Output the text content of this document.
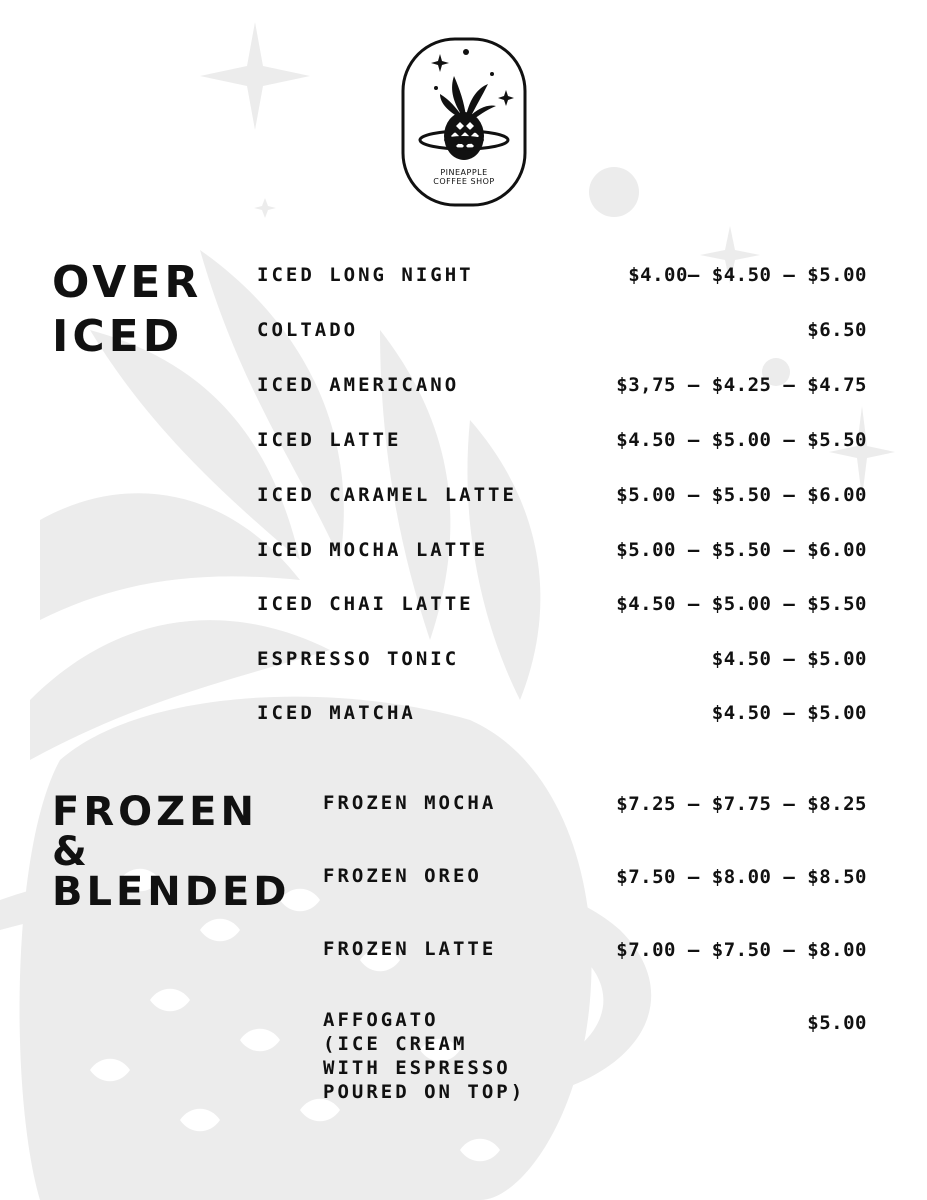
PINEAPPLE
COFFEE SHOP
OVER
ICED
ICED LONG NIGHT	$4.00– $4.50 – $5.00
COLTADO	$6.50
ICED AMERICANO	$3,75 – $4.25 – $4.75
ICED LATTE	$4.50 – $5.00 – $5.50
ICED CARAMEL LATTE	$5.00 – $5.50 – $6.00
ICED MOCHA LATTE	$5.00 – $5.50 – $6.00
ICED CHAI LATTE	$4.50 – $5.00 – $5.50
ESPRESSO TONIC	$4.50 – $5.00
ICED MATCHA	$4.50 – $5.00
FROZEN
&
BLENDED
FROZEN MOCHA	$7.25 – $7.75 – $8.25
FROZEN OREO	$7.50 – $8.00 – $8.50
FROZEN LATTE	$7.00 – $7.50 – $8.00
AFFOGATO
(ICE CREAM
WITH ESPRESSO
POURED ON TOP)
$5.00
